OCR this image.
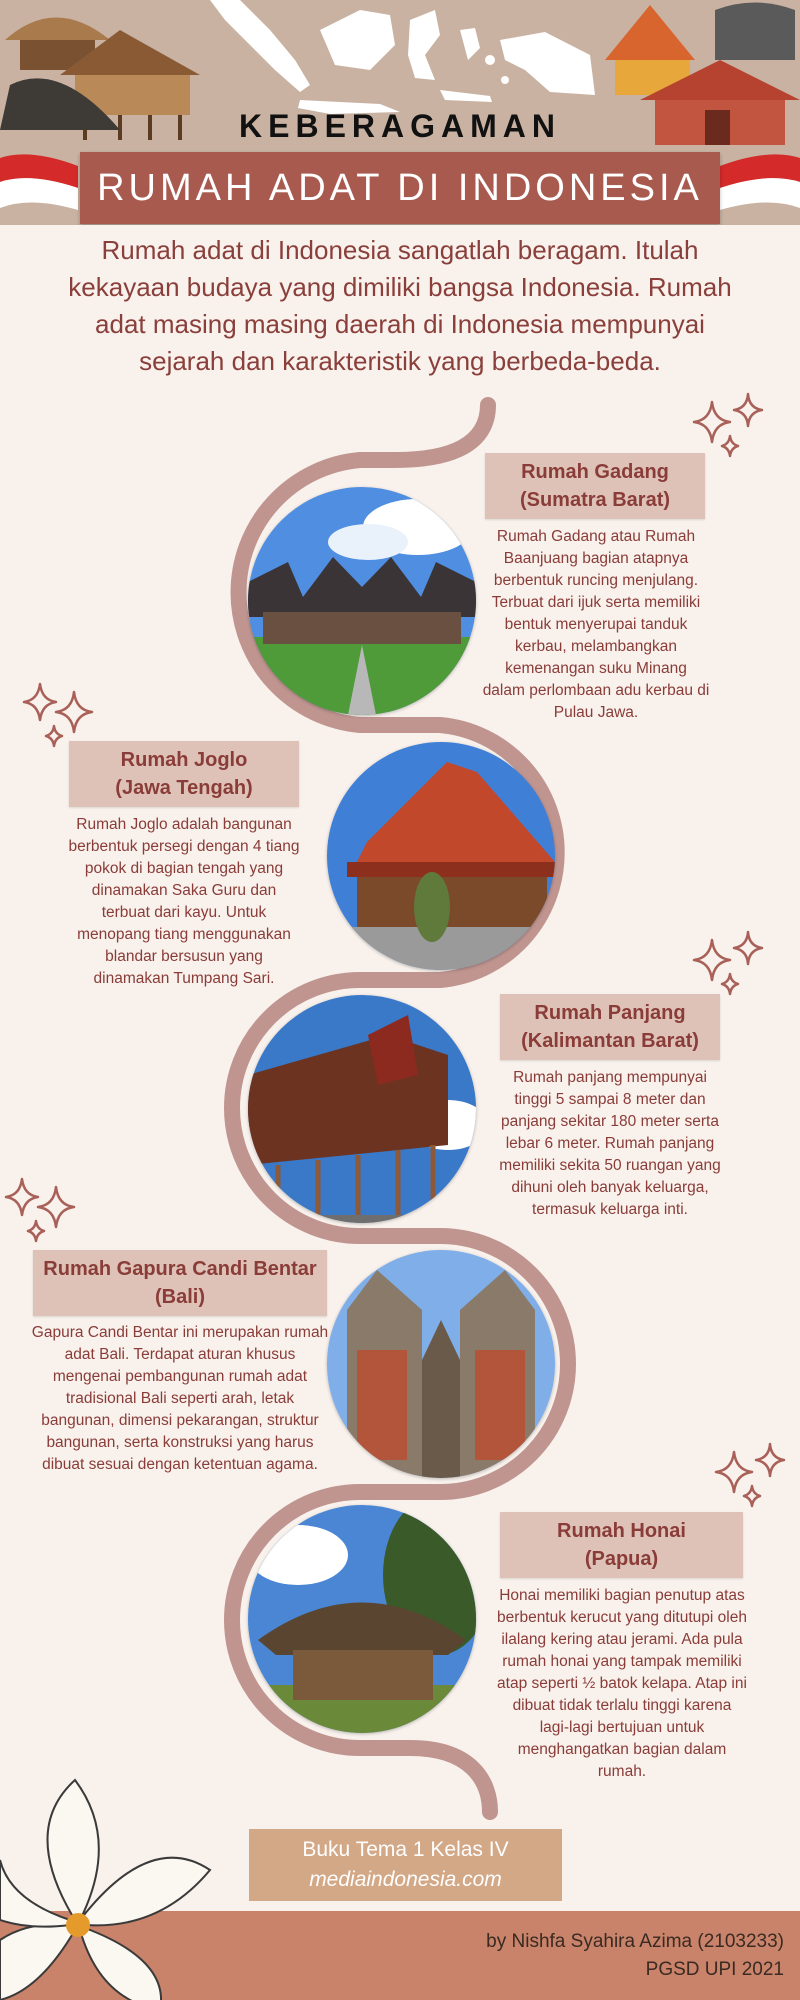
KEBERAGAMAN
RUMAH ADAT DI INDONESIA

Rumah adat di Indonesia sangatlah beragam. Itulah kekayaan budaya yang dimiliki bangsa Indonesia. Rumah adat masing masing daerah di Indonesia mempunyai sejarah dan karakteristik yang berbeda-beda.

Rumah Gadang
(Sumatra Barat)

Rumah Gadang atau Rumah Baanjuang bagian atapnya berbentuk runcing menjulang. Terbuat dari ijuk serta memiliki bentuk menyerupai tanduk kerbau, melambangkan kemenangan suku Minang dalam perlombaan adu kerbau di Pulau Jawa.

Rumah Joglo
(Jawa Tengah)

Rumah Joglo adalah bangunan berbentuk persegi dengan 4 tiang pokok di bagian tengah yang dinamakan Saka Guru dan terbuat dari kayu. Untuk menopang tiang menggunakan blandar bersusun yang dinamakan Tumpang Sari.

Rumah Panjang
(Kalimantan Barat)

Rumah panjang mempunyai tinggi 5 sampai 8 meter dan panjang sekitar 180 meter serta lebar 6 meter. Rumah panjang memiliki sekita 50 ruangan yang dihuni oleh banyak keluarga, termasuk keluarga inti.

Rumah Gapura Candi Bentar
(Bali)

Gapura Candi Bentar ini merupakan rumah adat Bali. Terdapat aturan khusus mengenai pembangunan rumah adat tradisional Bali seperti arah, letak bangunan, dimensi pekarangan, struktur bangunan, serta konstruksi yang harus dibuat sesuai dengan ketentuan agama.

Rumah Honai
(Papua)

Honai memiliki bagian penutup atas berbentuk kerucut yang ditutupi oleh ilalang kering atau jerami. Ada pula rumah honai yang tampak memiliki atap seperti ½ batok kelapa. Atap ini dibuat tidak terlalu tinggi karena lagi-lagi bertujuan untuk menghangatkan bagian dalam rumah.

Buku Tema 1 Kelas IV
mediaindonesia.com
by Nishfa Syahira Azima (2103233)
PGSD UPI 2021
